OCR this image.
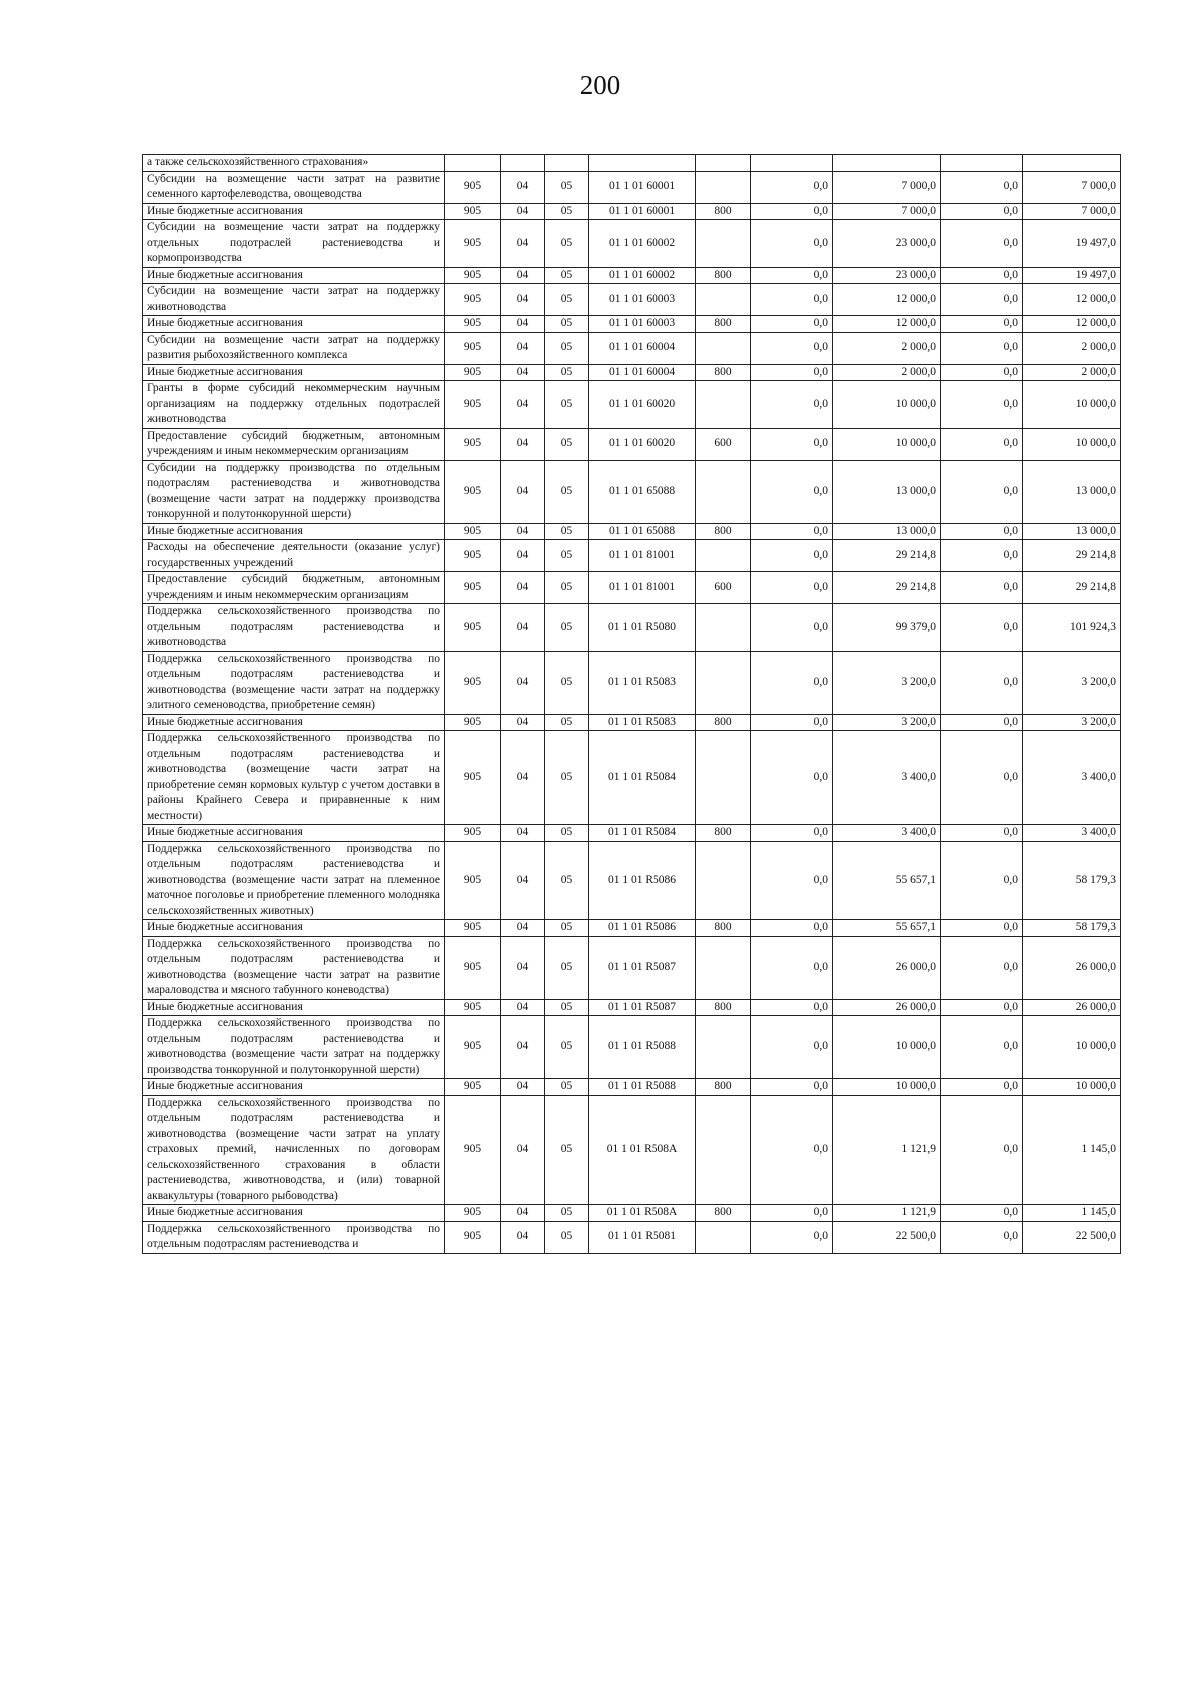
200
а также сельскохозяйственного страхования»									
Субсидии на возмещение части затрат на развитие семенного картофелеводства, овощеводства	905	04	05	01 1 01 60001		0,0	7 000,0	0,0	7 000,0
Иные бюджетные ассигнования	905	04	05	01 1 01 60001	800	0,0	7 000,0	0,0	7 000,0
Субсидии на возмещение части затрат на поддержку отдельных подотраслей растениеводства и кормопроизводства	905	04	05	01 1 01 60002		0,0	23 000,0	0,0	19 497,0
Иные бюджетные ассигнования	905	04	05	01 1 01 60002	800	0,0	23 000,0	0,0	19 497,0
Субсидии на возмещение части затрат на поддержку животноводства	905	04	05	01 1 01 60003		0,0	12 000,0	0,0	12 000,0
Иные бюджетные ассигнования	905	04	05	01 1 01 60003	800	0,0	12 000,0	0,0	12 000,0
Субсидии на возмещение части затрат на поддержку развития рыбохозяйственного комплекса	905	04	05	01 1 01 60004		0,0	2 000,0	0,0	2 000,0
Иные бюджетные ассигнования	905	04	05	01 1 01 60004	800	0,0	2 000,0	0,0	2 000,0
Гранты в форме субсидий некоммерческим научным организациям на поддержку отдельных подотраслей животноводства	905	04	05	01 1 01 60020		0,0	10 000,0	0,0	10 000,0
Предоставление субсидий бюджетным, автономным учреждениям и иным некоммерческим организациям	905	04	05	01 1 01 60020	600	0,0	10 000,0	0,0	10 000,0
Субсидии на поддержку производства по отдельным подотраслям растениеводства и животноводства (возмещение части затрат на поддержку производства тонкорунной и полутонкорунной шерсти)	905	04	05	01 1 01 65088		0,0	13 000,0	0,0	13 000,0
Иные бюджетные ассигнования	905	04	05	01 1 01 65088	800	0,0	13 000,0	0,0	13 000,0
Расходы на обеспечение деятельности (оказание услуг) государственных учреждений	905	04	05	01 1 01 81001		0,0	29 214,8	0,0	29 214,8
Предоставление субсидий бюджетным, автономным учреждениям и иным некоммерческим организациям	905	04	05	01 1 01 81001	600	0,0	29 214,8	0,0	29 214,8
Поддержка сельскохозяйственного производства по отдельным подотраслям растениеводства и животноводства	905	04	05	01 1 01 R5080		0,0	99 379,0	0,0	101 924,3
Поддержка сельскохозяйственного производства по отдельным подотраслям растениеводства и животноводства (возмещение части затрат на поддержку элитного семеноводства, приобретение семян)	905	04	05	01 1 01 R5083		0,0	3 200,0	0,0	3 200,0
Иные бюджетные ассигнования	905	04	05	01 1 01 R5083	800	0,0	3 200,0	0,0	3 200,0
Поддержка сельскохозяйственного производства по отдельным подотраслям растениеводства и животноводства (возмещение части затрат на приобретение семян кормовых культур с учетом доставки в районы Крайнего Севера и приравненные к ним местности)	905	04	05	01 1 01 R5084		0,0	3 400,0	0,0	3 400,0
Иные бюджетные ассигнования	905	04	05	01 1 01 R5084	800	0,0	3 400,0	0,0	3 400,0
Поддержка сельскохозяйственного производства по отдельным подотраслям растениеводства и животноводства (возмещение части затрат на племенное маточное поголовье и приобретение племенного молодняка сельскохозяйственных животных)	905	04	05	01 1 01 R5086		0,0	55 657,1	0,0	58 179,3
Иные бюджетные ассигнования	905	04	05	01 1 01 R5086	800	0,0	55 657,1	0,0	58 179,3
Поддержка сельскохозяйственного производства по отдельным подотраслям растениеводства и животноводства (возмещение части затрат на развитие мараловодства и мясного табунного коневодства)	905	04	05	01 1 01 R5087		0,0	26 000,0	0,0	26 000,0
Иные бюджетные ассигнования	905	04	05	01 1 01 R5087	800	0,0	26 000,0	0,0	26 000,0
Поддержка сельскохозяйственного производства по отдельным подотраслям растениеводства и животноводства (возмещение части затрат на поддержку производства тонкорунной и полутонкорунной шерсти)	905	04	05	01 1 01 R5088		0,0	10 000,0	0,0	10 000,0
Иные бюджетные ассигнования	905	04	05	01 1 01 R5088	800	0,0	10 000,0	0,0	10 000,0
Поддержка сельскохозяйственного производства по отдельным подотраслям растениеводства и животноводства (возмещение части затрат на уплату страховых премий, начисленных по договорам сельскохозяйственного страхования в области растениеводства, животноводства, и (или) товарной аквакультуры (товарного рыбоводства)	905	04	05	01 1 01 R508A		0,0	1 121,9	0,0	1 145,0
Иные бюджетные ассигнования	905	04	05	01 1 01 R508A	800	0,0	1 121,9	0,0	1 145,0
Поддержка сельскохозяйственного производства по отдельным подотраслям растениеводства и	905	04	05	01 1 01 R5081		0,0	22 500,0	0,0	22 500,0
